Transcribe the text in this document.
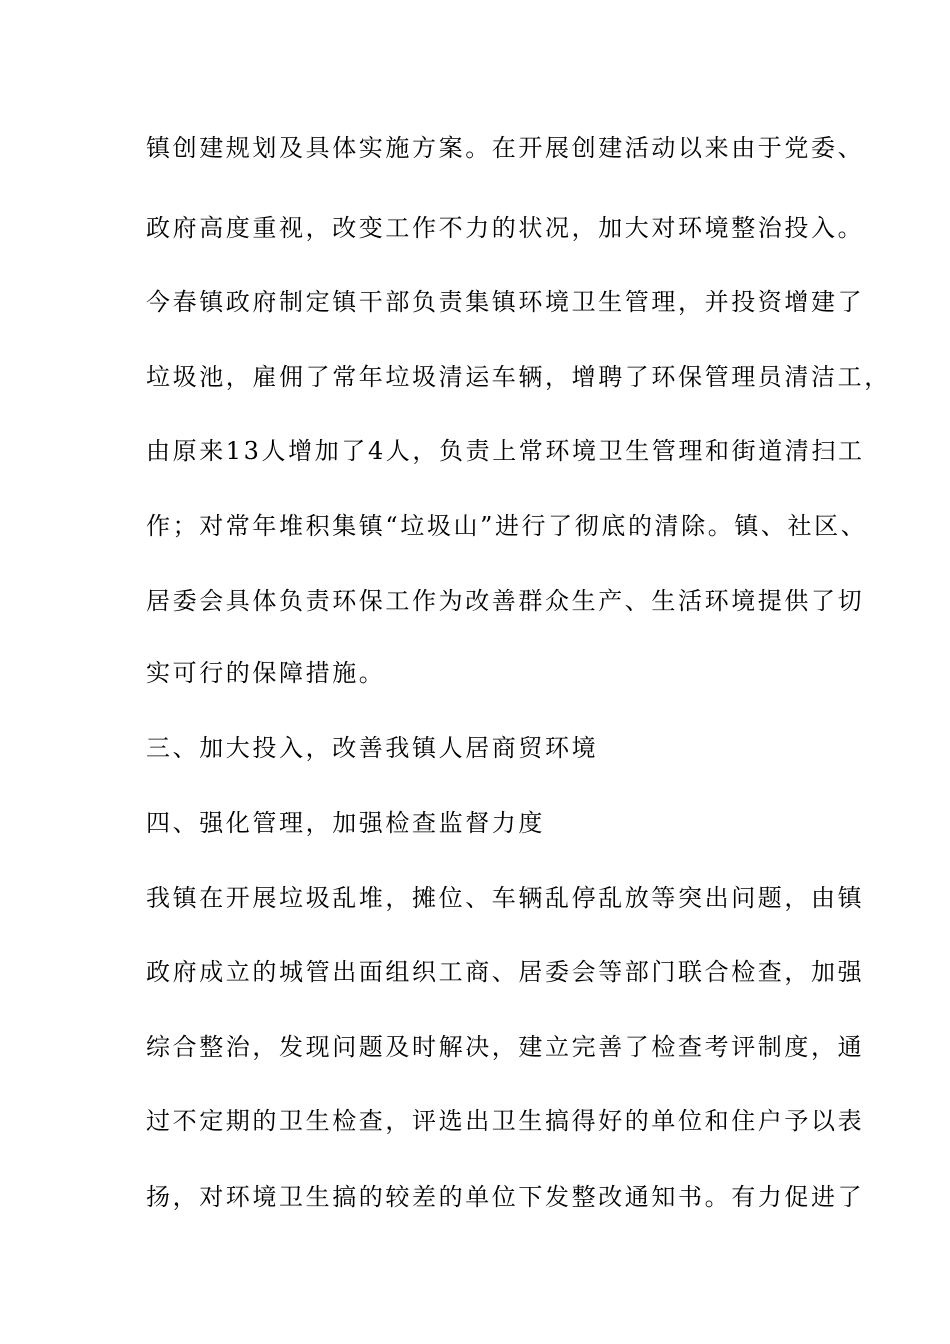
镇创建规划及具体实施方案。在开展创建活动以来由于党委、

政府高度重视，改变工作不力的状况，加大对环境整治投入。

今春镇政府制定镇干部负责集镇环境卫生管理，并投资增建了

垃圾池，雇佣了常年垃圾清运车辆，增聘了环保管理员清洁工，

由原来13人增加了4人，负责上常环境卫生管理和街道清扫工

作；对常年堆积集镇“垃圾山”进行了彻底的清除。镇、社区、

居委会具体负责环保工作为改善群众生产、生活环境提供了切

实可行的保障措施。

三、加大投入，改善我镇人居商贸环境

四、强化管理，加强检查监督力度

我镇在开展垃圾乱堆，摊位、车辆乱停乱放等突出问题，由镇

政府成立的城管出面组织工商、居委会等部门联合检查，加强

综合整治，发现问题及时解决，建立完善了检查考评制度，通

过不定期的卫生检查，评选出卫生搞得好的单位和住户予以表

扬，对环境卫生搞的较差的单位下发整改通知书。有力促进了
